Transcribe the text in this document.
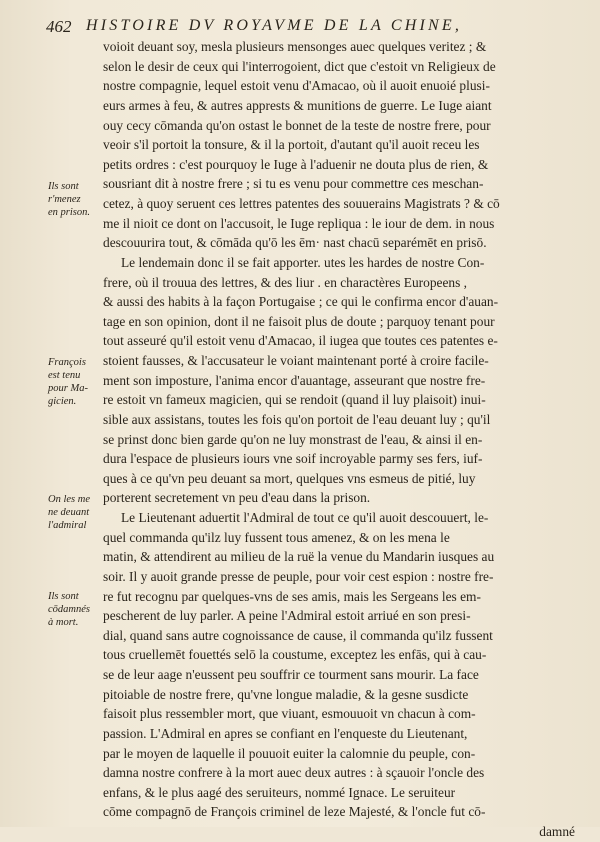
462 HISTOIRE DV ROYAVME DE LA CHINE,
voioit deuant soy, mesla plusieurs mensonges auec quelques veritez ; &
selon le desir de ceux qui l'interrogoient, dict que c'estoit vn Religieux de
nostre compagnie, lequel estoit venu d'Amacao, où il auoit enuoié plusi-
eurs armes à feu, & autres apprests & munitions de guerre. Le Iuge aiant
ouy cecy cōmanda qu'on ostast le bonnet de la teste de nostre frere, pour
veoir s'il portoit la tonsure, & il la portoit, d'autant qu'il auoit receu les
petits ordres : c'est pourquoy le Iuge à l'aduenir ne douta plus de rien, &
sousriant dit à nostre frere ; si tu es venu pour commettre ces meschan-
cetez, à quoy seruent ces lettres patentes des souuerains Magistrats ? & cō
me il nioit ce dont on l'accusoit, le Iuge repliqua : le iour de dem. in nous
descouurira tout, & cōmāda qu'ō les ēm· nast chacū separémēt en prisō.
Le lendemain donc il se fait apporter. utes les hardes de nostre Con-
frere, où il trouua des lettres, & des liur . en charactères Europeens ,
& aussi des habits à la façon Portugaise ; ce qui le confirma encor d'auan-
tage en son opinion, dont il ne faisoit plus de doute ; parquoy tenant pour
tout asseuré qu'il estoit venu d'Amacao, il iugea que toutes ces patentes e-
stoient fausses, & l'accusateur le voiant maintenant porté à croire facile-
ment son imposture, l'anima encor d'auantage, asseurant que nostre fre-
re estoit vn fameux magicien, qui se rendoit (quand il luy plaisoit) inui-
sible aux assistans, toutes les fois qu'on portoit de l'eau deuant luy ; qu'il
se prinst donc bien garde qu'on ne luy monstrast de l'eau, & ainsi il en-
dura l'espace de plusieurs iours vne soif incroyable parmy ses fers, iuf-
ques à ce qu'vn peu deuant sa mort, quelques vns esmeus de pitié, luy
porterent secretement vn peu d'eau dans la prison.
Le Lieutenant aduertit l'Admiral de tout ce qu'il auoit descouuert, le-
quel commanda qu'ilz luy fussent tous amenez, & on les mena le
matin, & attendirent au milieu de la ruë la venue du Mandarin iusques au
soir. Il y auoit grande presse de peuple, pour voir cest espion : nostre fre-
re fut recognu par quelques-vns de ses amis, mais les Sergeans les em-
pescherent de luy parler. A peine l'Admiral estoit arriué en son presi-
dial, quand sans autre cognoissance de cause, il commanda qu'ilz fussent
tous cruellemēt fouettés selō la coustume, exceptez les enfās, qui à cau-
se de leur aage n'eussent peu souffrir ce tourment sans mourir. La face
pitoiable de nostre frere, qu'vne longue maladie, & la gesne susdicte
faisoit plus ressembler mort, que viuant, esmouuoit vn chacun à com-
passion. L'Admiral en apres se confiant en l'enqueste du Lieutenant,
par le moyen de laquelle il pouuoit euiter la calomnie du peuple, con-
damna nostre confrere à la mort auec deux autres : à sçauoir l'oncle des
enfans, & le plus aagé des seruiteurs, nommé Ignace. Le seruiteur
cōme compagnō de François criminel de leze Majesté, & l'oncle fut cō-
damné
Ils sont
r'menez
en prison.
François
est tenu
pour Ma-
gicien.
On les me
ne deuant
l'admiral
Ils sont
cōdamnés
à mort.
